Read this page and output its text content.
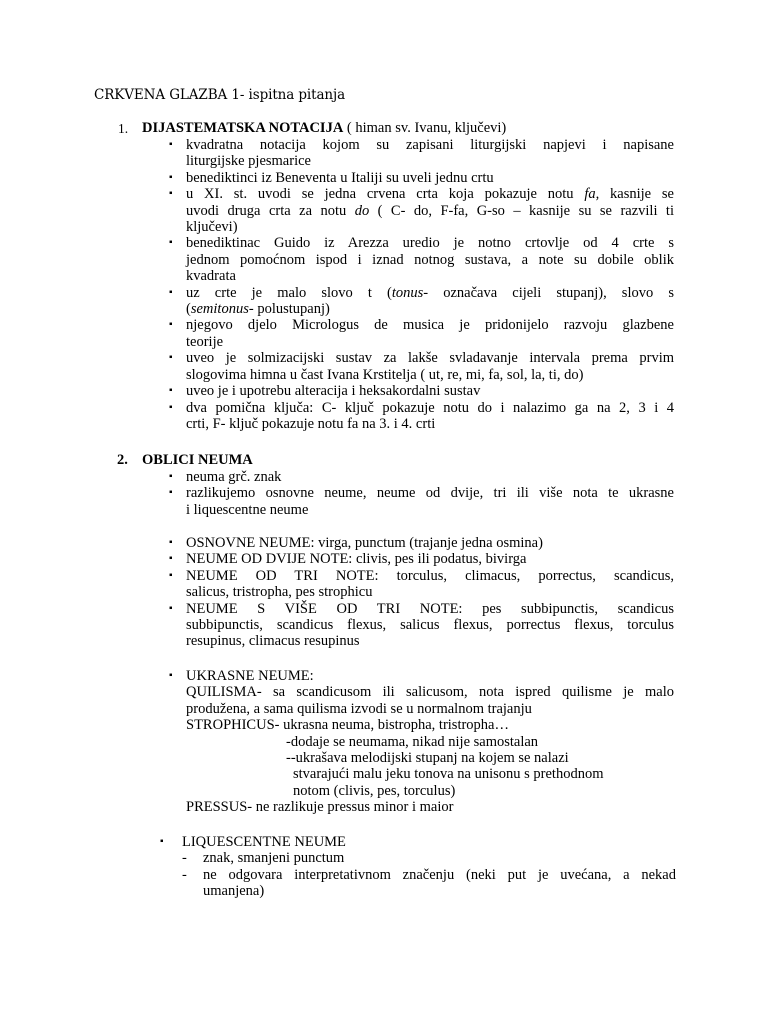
CRKVENA GLAZBA 1- ispitna pitanja
1. DIJASTEMATSKA NOTACIJA ( himan sv. Ivanu, ključevi)
▪ kvadratna notacija kojom su zapisani liturgijski napjevi i napisane
liturgijske pjesmarice
▪ benediktinci iz Beneventa u Italiji su uveli jednu crtu
▪ u XI. st. uvodi se jedna crvena crta koja pokazuje notu fa, kasnije se
uvodi druga crta za notu do ( C- do, F-fa, G-so – kasnije su se razvili ti
ključevi)
▪ benediktinac Guido iz Arezza uredio je notno crtovlje od 4 crte s
jednom pomoćnom ispod i iznad notnog sustava, a note su dobile oblik
kvadrata
▪ uz crte je malo slovo t (tonus- označava cijeli stupanj), slovo s
(semitonus- polustupanj)
▪ njegovo djelo Micrologus de musica je pridonijelo razvoju glazbene
teorije
▪ uveo je solmizacijski sustav za lakše svladavanje intervala prema prvim
slogovima himna u čast Ivana Krstitelja ( ut, re, mi, fa, sol, la, ti, do)
▪ uveo je i upotrebu alteracija i heksakordalni sustav
▪ dva pomična ključa: C- ključ pokazuje notu do i nalazimo ga na 2, 3 i 4
crti, F- ključ pokazuje notu fa na 3. i 4. crti
2. OBLICI NEUMA
▪ neuma grč. znak
▪ razlikujemo osnovne neume, neume od dvije, tri ili više nota te ukrasne
i liquescentne neume
▪ OSNOVNE NEUME: virga, punctum (trajanje jedna osmina)
▪ NEUME OD DVIJE NOTE: clivis, pes ili podatus, bivirga
▪ NEUME OD TRI NOTE: torculus, climacus, porrectus, scandicus,
salicus, tristropha, pes strophicu
▪ NEUME S VIŠE OD TRI NOTE: pes subbipunctis, scandicus
subbipunctis, scandicus flexus, salicus flexus, porrectus flexus, torculus
resupinus, climacus resupinus
▪ UKRASNE NEUME:
QUILISMA- sa scandicusom ili salicusom, nota ispred quilisme je malo
produžena, a sama quilisma izvodi se u normalnom trajanju
STROPHICUS- ukrasna neuma, bistropha, tristropha…
-dodaje se neumama, nikad nije samostalan
--ukrašava melodijski stupanj na kojem se nalazi
stvarajući malu jeku tonova na unisonu s prethodnom
notom (clivis, pes, torculus)
PRESSUS- ne razlikuje pressus minor i maior
▪ LIQUESCENTNE NEUME
- znak, smanjeni punctum
- ne odgovara interpretativnom značenju (neki put je uvećana, a nekad
umanjena)
